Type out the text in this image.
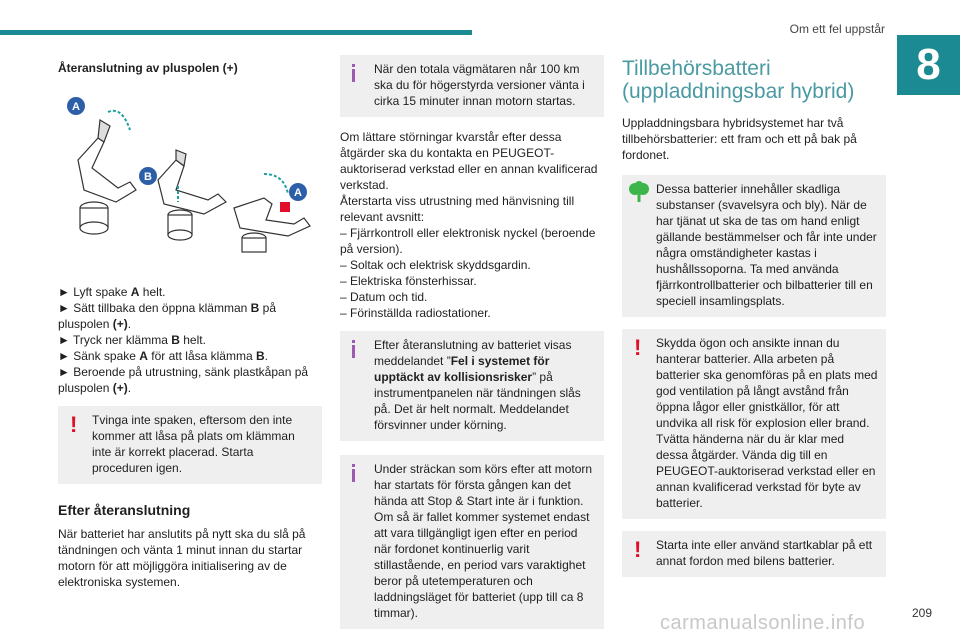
Om ett fel uppstår
8
Återanslutning av pluspolen (+)
A
B
A
► Lyft spake A helt.
► Sätt tillbaka den öppna klämman B på pluspolen (+).
► Tryck ner klämma B helt.
► Sänk spake A för att låsa klämma B.
► Beroende på utrustning, sänk plastkåpan på pluspolen (+).
!	Tvinga inte spaken, eftersom den inte kommer att låsa på plats om klämman inte är korrekt placerad. Starta proceduren igen.
Efter återanslutning
När batteriet har anslutits på nytt ska du slå på tändningen och vänta 1 minut innan du startar motorn för att möjliggöra initialisering av de elektroniska systemen.
När den totala vägmätaren når 100 km ska du för högerstyrda versioner vänta i cirka 15 minuter innan motorn startas.
Om lättare störningar kvarstår efter dessa åtgärder ska du kontakta en PEUGEOT-auktoriserad verkstad eller en annan kvalificerad verkstad.
Återstarta viss utrustning med hänvisning till relevant avsnitt:
– Fjärrkontroll eller elektronisk nyckel (beroende på version).
– Soltak och elektrisk skyddsgardin.
– Elektriska fönsterhissar.
– Datum och tid.
– Förinställda radiostationer.
Efter återanslutning av batteriet visas meddelandet ”Fel i systemet för upptäckt av kollisionsrisker” på instrumentpanelen när tändningen slås på. Det är helt normalt. Meddelandet försvinner under körning.
Under sträckan som körs efter att motorn har startats för första gången kan det hända att Stop & Start inte är i funktion. Om så är fallet kommer systemet endast att vara tillgängligt igen efter en period när fordonet kontinuerlig varit stillastående, en period vars varaktighet beror på utetemperaturen och laddningsläget för batteriet (upp till ca 8 timmar).
Tillbehörsbatteri (uppladdningsbar hybrid)
Uppladdningsbara hybridsystemet har två tillbehörsbatterier: ett fram och ett på bak på fordonet.
Dessa batterier innehåller skadliga substanser (svavelsyra och bly). När de har tjänat ut ska de tas om hand enligt gällande bestämmelser och får inte under några omständigheter kastas i hushållssoporna. Ta med använda fjärrkontrollbatterier och bilbatterier till en speciell insamlingsplats.
!	Skydda ögon och ansikte innan du hanterar batterier. Alla arbeten på batterier ska genomföras på en plats med god ventilation på långt avstånd från öppna lågor eller gnistkällor, för att undvika all risk för explosion eller brand. Tvätta händerna när du är klar med dessa åtgärder. Vända dig till en PEUGEOT-auktoriserad verkstad eller en annan kvalificerad verkstad för byte av batterier.
!	Starta inte eller använd startkablar på ett annat fordon med bilens batterier.
209
carmanualsonline.info
